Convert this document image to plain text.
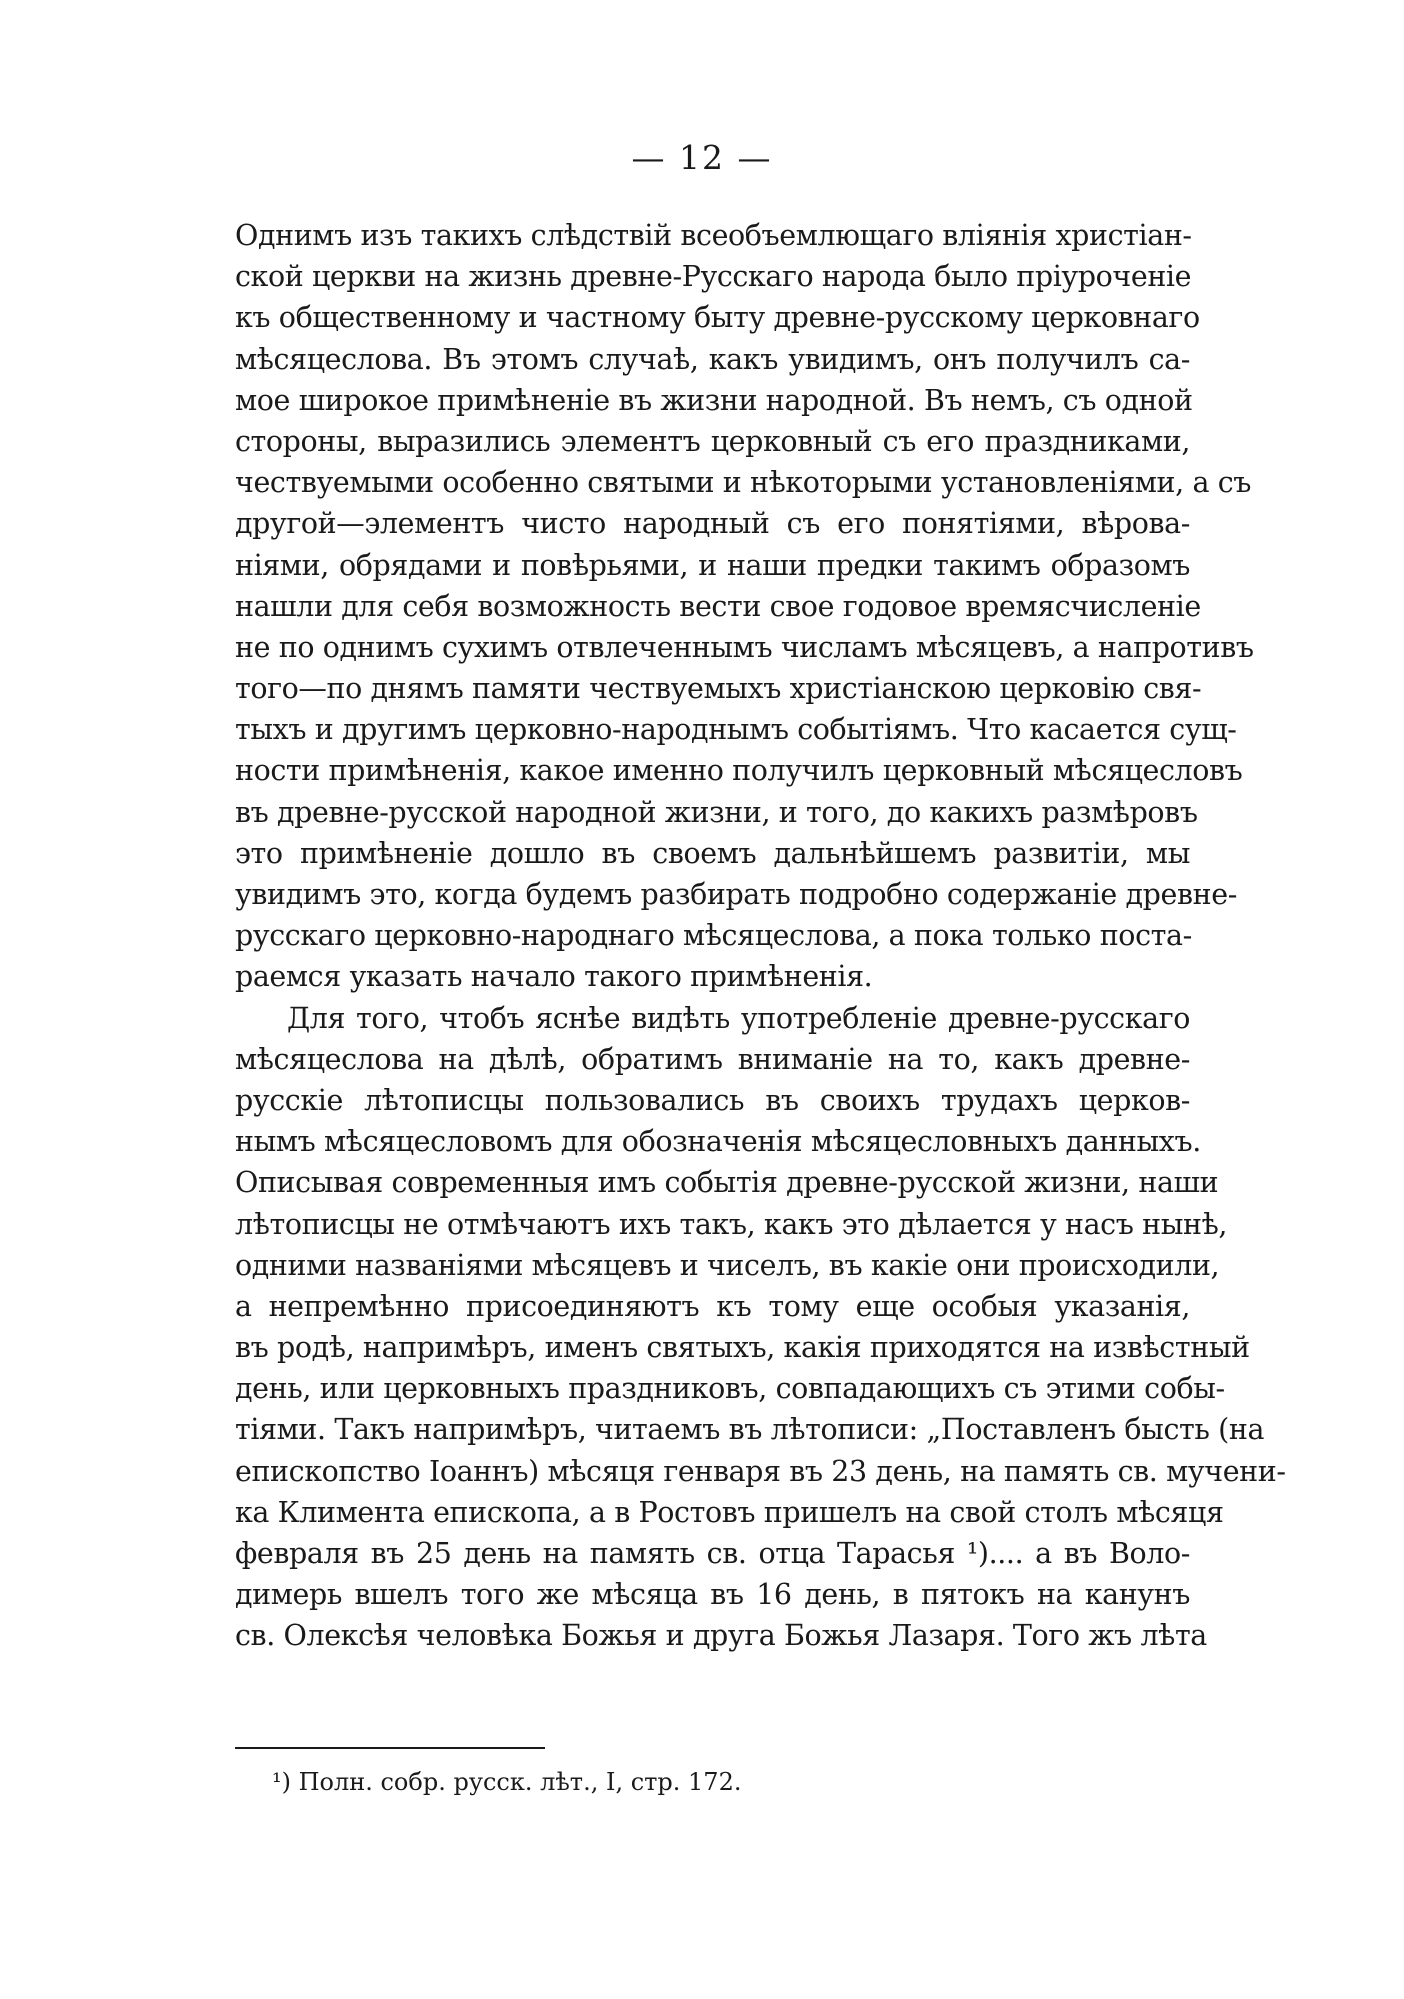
— 12 —
Однимъ изъ такихъ слѣдствій всеобъемлющаго вліянія христіан-
ской церкви на жизнь древне-Русскаго народа было пріуроченіе
къ общественному и частному быту древне-русскому церковнаго
мѣсяцеслова. Въ этомъ случаѣ, какъ увидимъ, онъ получилъ са-
мое широкое примѣненіе въ жизни народной. Въ немъ, съ одной
стороны, выразились элементъ церковный съ его праздниками,
чествуемыми особенно святыми и нѣкоторыми установленіями, а съ
другой—элементъ чисто народный съ его понятіями, вѣрова-
ніями, обрядами и повѣрьями, и наши предки такимъ образомъ
нашли для себя возможность вести свое годовое времясчисленіе
не по однимъ сухимъ отвлеченнымъ числамъ мѣсяцевъ, а напротивъ
того—по днямъ памяти чествуемыхъ христіанскою церковію свя-
тыхъ и другимъ церковно-народнымъ событіямъ. Что касается сущ-
ности примѣненія, какое именно получилъ церковный мѣсяцесловъ
въ древне-русской народной жизни, и того, до какихъ размѣровъ
это примѣненіе дошло въ своемъ дальнѣйшемъ развитіи, мы
увидимъ это, когда будемъ разбирать подробно содержаніе древне-
русскаго церковно-народнаго мѣсяцеслова, а пока только поста-
раемся указать начало такого примѣненія.
Для того, чтобъ яснѣе видѣть употребленіе древне-русскаго
мѣсяцеслова на дѣлѣ, обратимъ вниманіе на то, какъ древне-
русскіе лѣтописцы пользовались въ своихъ трудахъ церков-
нымъ мѣсяцесловомъ для обозначенія мѣсяцесловныхъ данныхъ.
Описывая современныя имъ событія древне-русской жизни, наши
лѣтописцы не отмѣчаютъ ихъ такъ, какъ это дѣлается у насъ нынѣ,
одними названіями мѣсяцевъ и чиселъ, въ какіе они происходили,
а непремѣнно присоединяютъ къ тому еще особыя указанія,
въ родѣ, напримѣръ, именъ святыхъ, какія приходятся на извѣстный
день, или церковныхъ праздниковъ, совпадающихъ съ этими собы-
тіями. Такъ напримѣръ, читаемъ въ лѣтописи: „Поставленъ бысть (на
епископство Іоаннъ) мѣсяця генваря въ 23 день, на память св. мучени-
ка Климента епископа, а в Ростовъ пришелъ на свой столъ мѣсяця
февраля въ 25 день на память св. отца Тарасья ¹).... а въ Воло-
димерь вшелъ того же мѣсяца въ 16 день, в пятокъ на канунъ
св. Олексѣя человѣка Божья и друга Божья Лазаря. Того жъ лѣта
¹) Полн. собр. русск. лѣт., I, стр. 172.
